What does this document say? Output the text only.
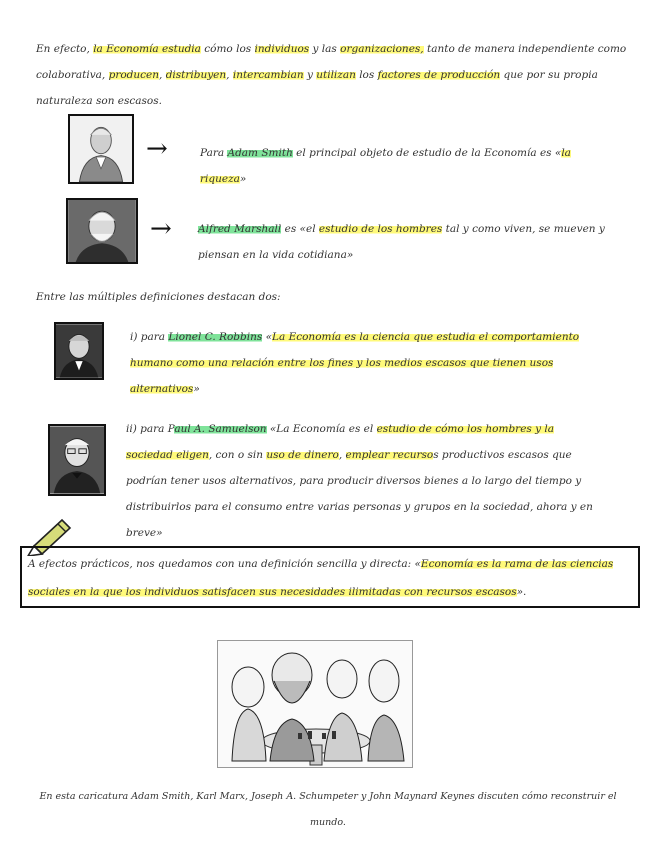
En efecto, la Economía estudia cómo los individuos y las organizaciones, tanto de manera independiente como colaborativa, producen, distribuyen, intercambian y utilizan los factores de producción que por su propia naturaleza son escasos.
→	Para Adam Smith el principal objeto de estudio de la Economía es «la riqueza»
→ Alfred Marshall es «el estudio de los hombres tal y como viven, se mueven y piensan en la vida cotidiana»
Entre las múltiples definiciones destacan dos:
i) para Lionel C. Robbins «La Economía es la ciencia que estudia el comportamiento humano como una relación entre los fines y los medios escasos que tienen usos alternativos»
ii) para Paul A. Samuelson «La Economía es el estudio de cómo los hombres y la sociedad eligen, con o sin uso de dinero, emplear recursos productivos escasos que podrían tener usos alternativos, para producir diversos bienes a lo largo del tiempo y distribuirlos para el consumo entre varias personas y grupos en la sociedad, ahora y en breve»
A efectos prácticos, nos quedamos con una definición sencilla y directa: «Economía es la rama de las ciencias sociales en la que los individuos satisfacen sus necesidades ilimitadas con recursos escasos».
En esta caricatura Adam Smith, Karl Marx, Joseph A. Schumpeter y John Maynard Keynes discuten cómo reconstruir el mundo.
